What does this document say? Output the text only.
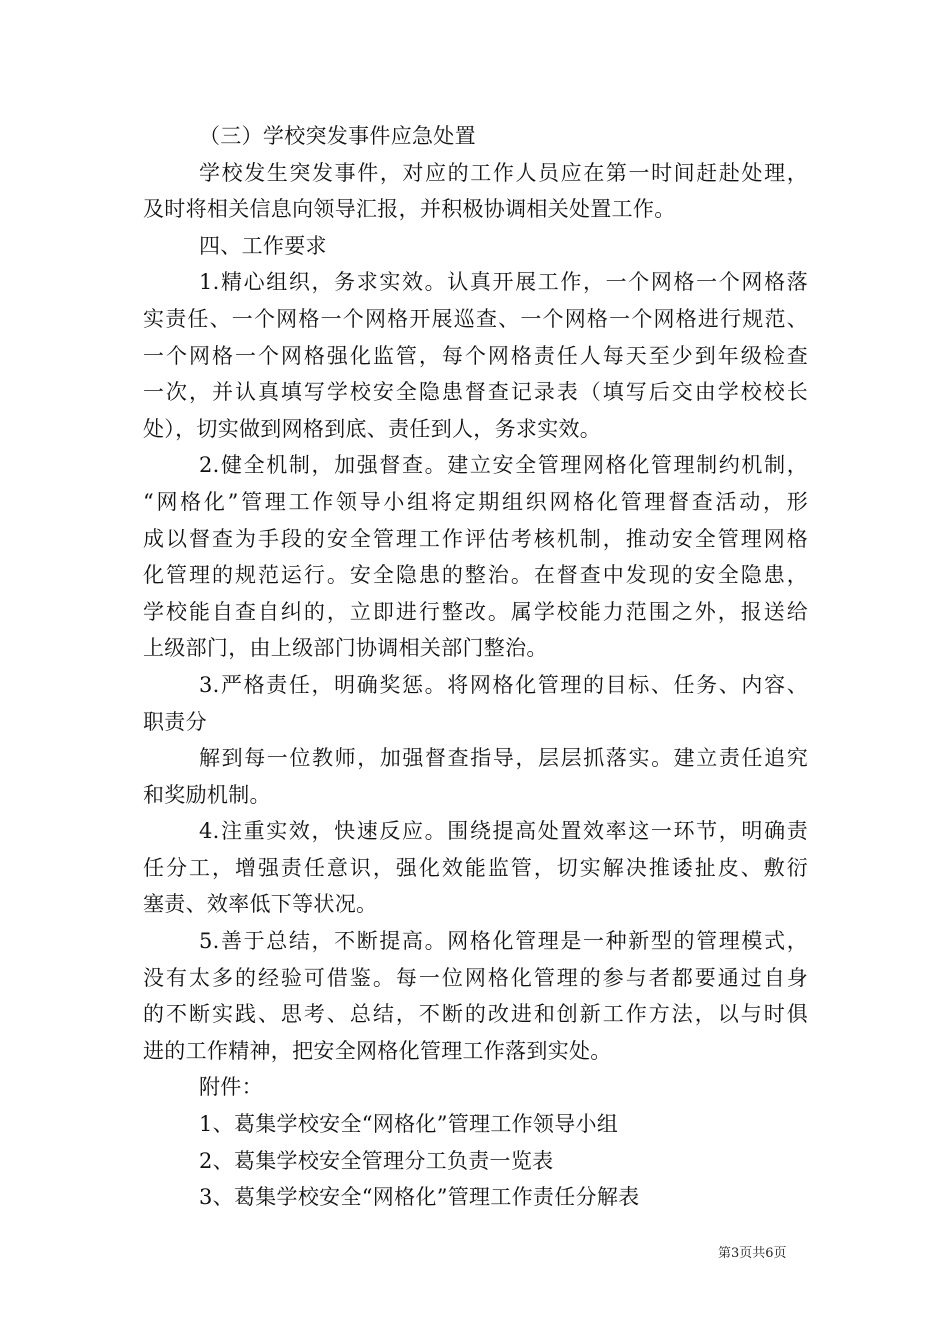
（三）学校突发事件应急处置
学校发生突发事件，对应的工作人员应在第一时间赶赴处理，
及时将相关信息向领导汇报，并积极协调相关处置工作。
四、工作要求
1.精心组织，务求实效。认真开展工作，一个网格一个网格落
实责任、一个网格一个网格开展巡查、一个网格一个网格进行规范、
一个网格一个网格强化监管，每个网格责任人每天至少到年级检查
一次，并认真填写学校安全隐患督查记录表（填写后交由学校校长
处），切实做到网格到底、责任到人，务求实效。
2.健全机制，加强督查。建立安全管理网格化管理制约机制，
“网格化”管理工作领导小组将定期组织网格化管理督查活动，形
成以督查为手段的安全管理工作评估考核机制，推动安全管理网格
化管理的规范运行。安全隐患的整治。在督查中发现的安全隐患，
学校能自查自纠的，立即进行整改。属学校能力范围之外，报送给
上级部门，由上级部门协调相关部门整治。
3.严格责任，明确奖惩。将网格化管理的目标、任务、内容、
职责分
解到每一位教师，加强督查指导，层层抓落实。建立责任追究
和奖励机制。
4.注重实效，快速反应。围绕提高处置效率这一环节，明确责
任分工，增强责任意识，强化效能监管，切实解决推诿扯皮、敷衍
塞责、效率低下等状况。
5.善于总结，不断提高。网格化管理是一种新型的管理模式，
没有太多的经验可借鉴。每一位网格化管理的参与者都要通过自身
的不断实践、思考、总结，不断的改进和创新工作方法，以与时俱
进的工作精神，把安全网格化管理工作落到实处。
附件：
1、葛集学校安全“网格化”管理工作领导小组
2、葛集学校安全管理分工负责一览表
3、葛集学校安全“网格化”管理工作责任分解表
第3页共6页
